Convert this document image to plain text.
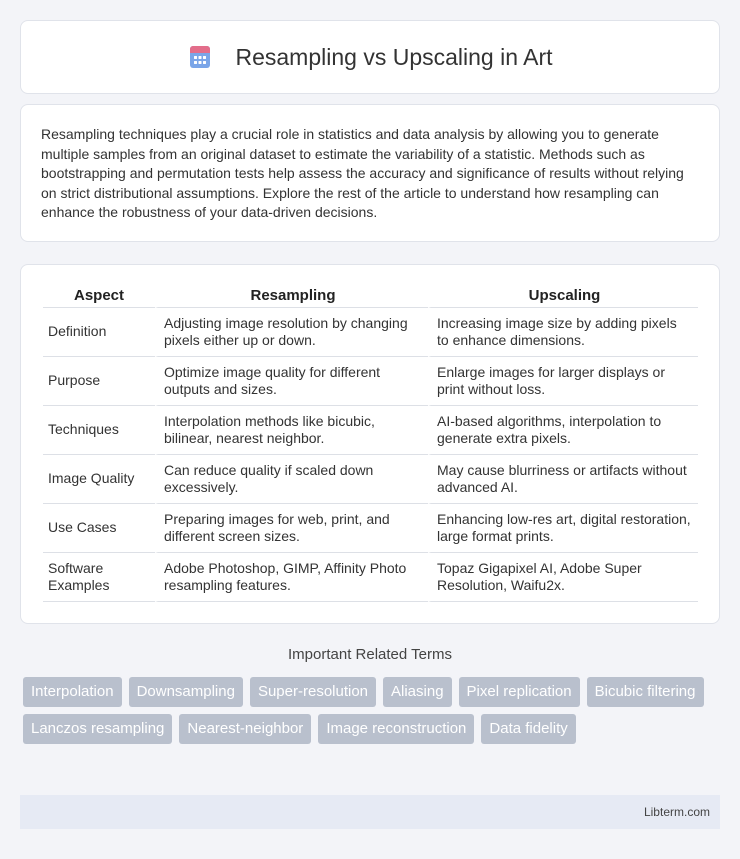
Resampling vs Upscaling in Art

Resampling techniques play a crucial role in statistics and data analysis by allowing you to generate multiple samples from an original dataset to estimate the variability of a statistic. Methods such as bootstrapping and permutation tests help assess the accuracy and significance of results without relying on strict distributional assumptions. Explore the rest of the article to understand how resampling can enhance the robustness of your data-driven decisions.

Aspect	Resampling	Upscaling
Definition	Adjusting image resolution by changing pixels either up or down.	Increasing image size by adding pixels to enhance dimensions.
Purpose	Optimize image quality for different outputs and sizes.	Enlarge images for larger displays or print without loss.
Techniques	Interpolation methods like bicubic, bilinear, nearest neighbor.	AI-based algorithms, interpolation to generate extra pixels.
Image Quality	Can reduce quality if scaled down excessively.	May cause blurriness or artifacts without advanced AI.
Use Cases	Preparing images for web, print, and different screen sizes.	Enhancing low-res art, digital restoration, large format prints.
Software Examples	Adobe Photoshop, GIMP, Affinity Photo resampling features.	Topaz Gigapixel AI, Adobe Super Resolution, Waifu2x.
Important Related Terms
Interpolation	Downsampling	Super-resolution	Aliasing	Pixel replication	Bicubic filtering
Lanczos resampling	Nearest-neighbor	Image reconstruction	Data fidelity
Libterm.com
